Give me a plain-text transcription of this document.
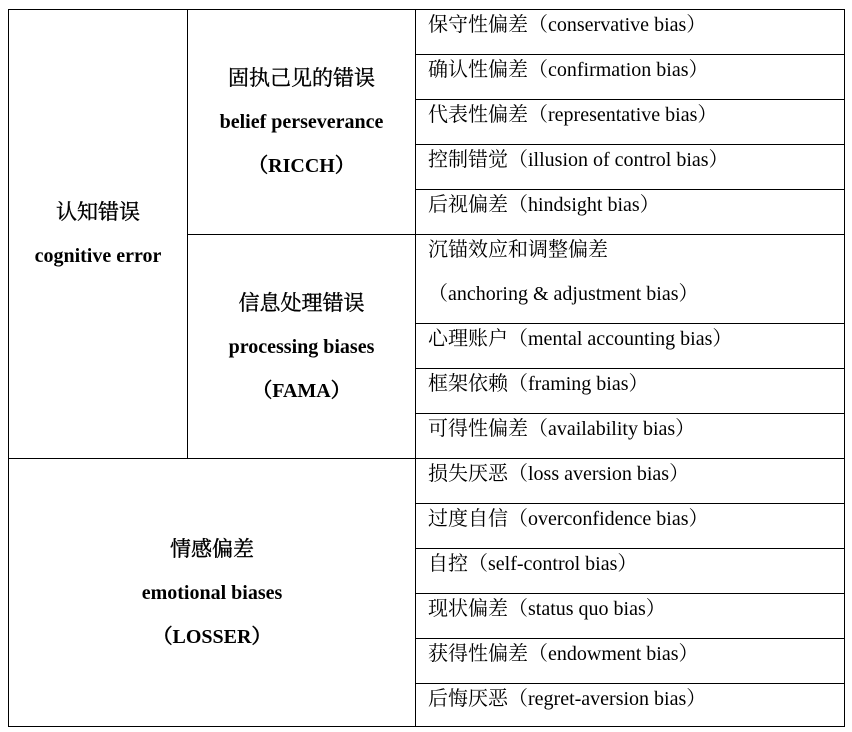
认知错误
cognitive error
固执己见的错误
belief perseverance
（RICCH）
信息处理错误
processing biases
（FAMA）
情感偏差
emotional biases
（LOSSER）
保守性偏差（conservative bias）
确认性偏差（confirmation bias）
代表性偏差（representative bias）
控制错觉（illusion of control bias）
后视偏差（hindsight bias）
沉锚效应和调整偏差
（anchoring & adjustment bias）
心理账户（mental accounting bias）
框架依赖（framing bias）
可得性偏差（availability bias）
损失厌恶（loss aversion bias）
过度自信（overconfidence bias）
自控（self-control bias）
现状偏差（status quo bias）
获得性偏差（endowment bias）
后悔厌恶（regret-aversion bias）
